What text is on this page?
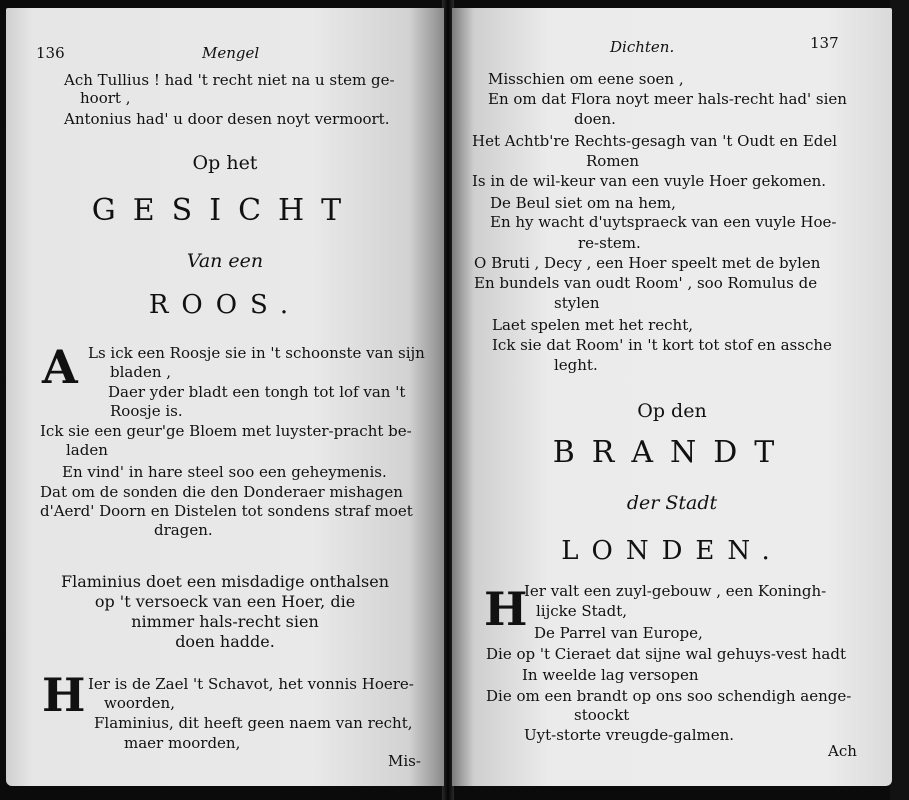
136	Mengel
Ach Tullius ! had 't recht niet na u stem ge-
hoort ,
Antonius had' u door desen noyt vermoort.
Op het
GESICHT
Van een
ROOS.
A Ls ick een Roosje sie in 't schoonste van sijn
bladen ,
Daer yder bladt een tongh tot lof van 't
Roosje is.
Ick sie een geur'ge Bloem met luyster-pracht be-
laden
En vind' in hare steel soo een geheymenis.
Dat om de sonden die den Donderaer mishagen
d'Aerd' Doorn en Distelen tot sondens straf moet
dragen.
Flaminius doet een misdadige onthalsen
op 't versoeck van een Hoer, die
nimmer hals-recht sien
doen hadde.
H Ier is de Zael 't Schavot, het vonnis Hoere-
woorden,
Flaminius, dit heeft geen naem van recht,
maer moorden,
Mis-
Dichten.	137
Misschien om eene soen ,
En om dat Flora noyt meer hals-recht had' sien
doen.
Het Achtb're Rechts-gesagh van 't Oudt en Edel
Romen
Is in de wil-keur van een vuyle Hoer gekomen.
De Beul siet om na hem,
En hy wacht d'uytspraeck van een vuyle Hoe-
re-stem.
O Bruti , Decy , een Hoer speelt met de bylen
En bundels van oudt Room' , soo Romulus de
stylen
Laet spelen met het recht,
Ick sie dat Room' in 't kort tot stof en assche
leght.
Op den
BRANDT
der Stadt
LONDEN.
H
Ier valt een zuyl-gebouw , een Koningh-
lijcke Stadt,
De Parrel van Europe,
Die op 't Cieraet dat sijne wal gehuys-vest hadt
In weelde lag versopen
Die om een brandt op ons soo schendigh aenge-
stoockt
Uyt-storte vreugde-galmen.
Ach
